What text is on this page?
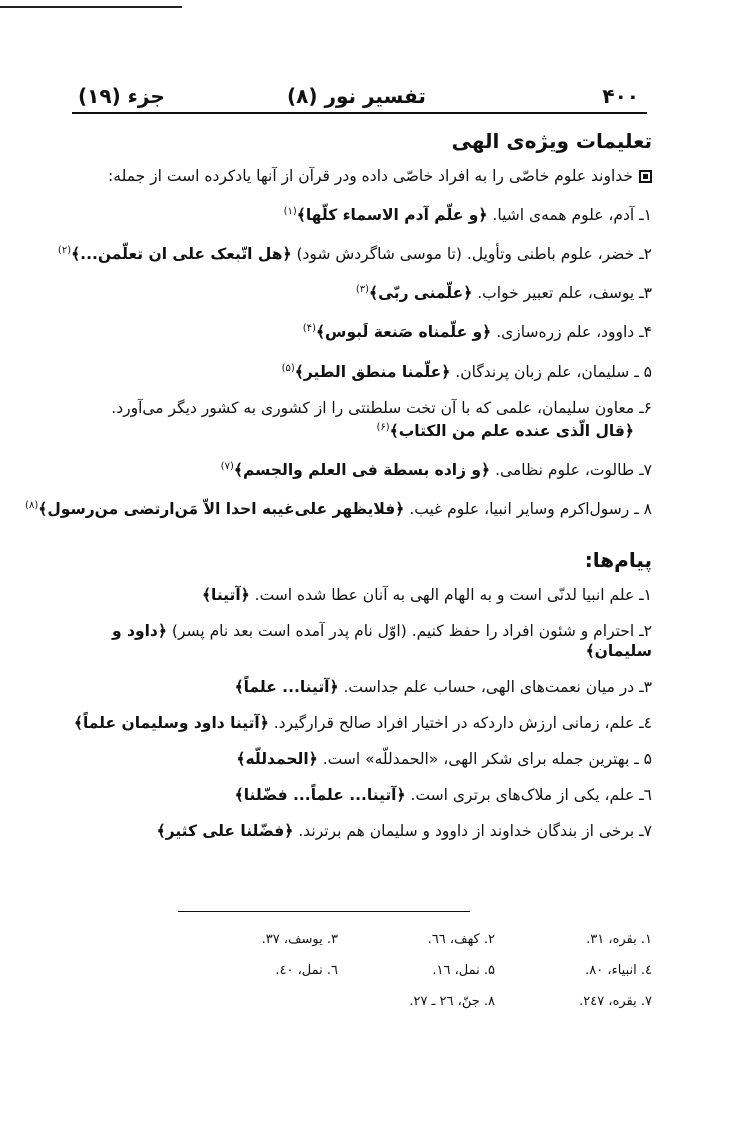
جزء (۱۹)	تفسیر نور (۸)	۴۰۰
تعلیمات ویژه‌ی الهی
خداوند علوم خاصّی را به افراد خاصّی داده ودر قرآن از آنها یادکرده است از جمله:
۱ـ آدم، علوم همه‌ی اشیا. ﴿و علّم آدم الاسماء کلّها﴾$^{(۱)}$
۲ـ خضر، علوم باطنی وتأویل. (تا موسی شاگردش شود) ﴿هل اتّبعک علی ان تعلّمن...﴾$^{(۲)}$
۳ـ یوسف، علم تعبیر خواب. ﴿علّمنی ربّی﴾$^{(۳)}$
۴ـ داوود، علم زره‌سازی. ﴿و علّمناه صَنعة لَبوس﴾$^{(۴)}$
۵ ـ سلیمان، علم زبان پرندگان. ﴿علّمنا منطق الطیر﴾$^{(۵)}$
۶ـ معاون سلیمان، علمی که با آن تخت سلطنتی را از کشوری به کشور دیگر می‌آورد.
﴿قال الّذی عنده علم من الکتاب﴾$^{(۶)}$
۷ـ طالوت، علوم نظامی. ﴿و زاده بسطة فی العلم والجسم﴾$^{(۷)}$
۸ ـ رسول‌اکرم وسایر انبیا، علوم غیب. ﴿فلایظهر علی‌غیبه احدا الاّ مَن‌ارتضی من‌رسول﴾$^{(۸)}$
پیام‌ها:
۱ـ علم انبیا لدنّی است و به الهام الهی به آنان عطا شده است. ﴿آتینا﴾
۲ـ احترام و شئون افراد را حفظ کنیم. (اوّل نام پدر آمده است بعد نام پسر) ﴿داود و سلیمان﴾
۳ـ در میان نعمت‌های الهی، حساب علم جداست. ﴿آتینا... علماً﴾
٤ـ علم، زمانی ارزش داردکه در اختیار افراد صالح قرارگیرد. ﴿آتینا داود وسلیمان علماً﴾
۵ ـ بهترین جمله برای شکر الهی، «الحمدللّه» است. ﴿الحمدللّه﴾
٦ـ علم، یکی از ملاک‌های برتری است. ﴿آتینا... علماً... فضّلنا﴾
۷ـ برخی از بندگان خداوند از داوود و سلیمان هم برترند. ﴿فضّلنا علی کثیر﴾
۱. بقره، ۳۱.
۲. کهف، ٦٦.
۳. یوسف، ۳۷.
٤. انبیاء، ۸۰.
۵. نمل، ١٦.
٦. نمل، ٤۰.
۷. بقره، ٢٤۷.
۸. جنّ، ٢٦ ـ ٢۷.
